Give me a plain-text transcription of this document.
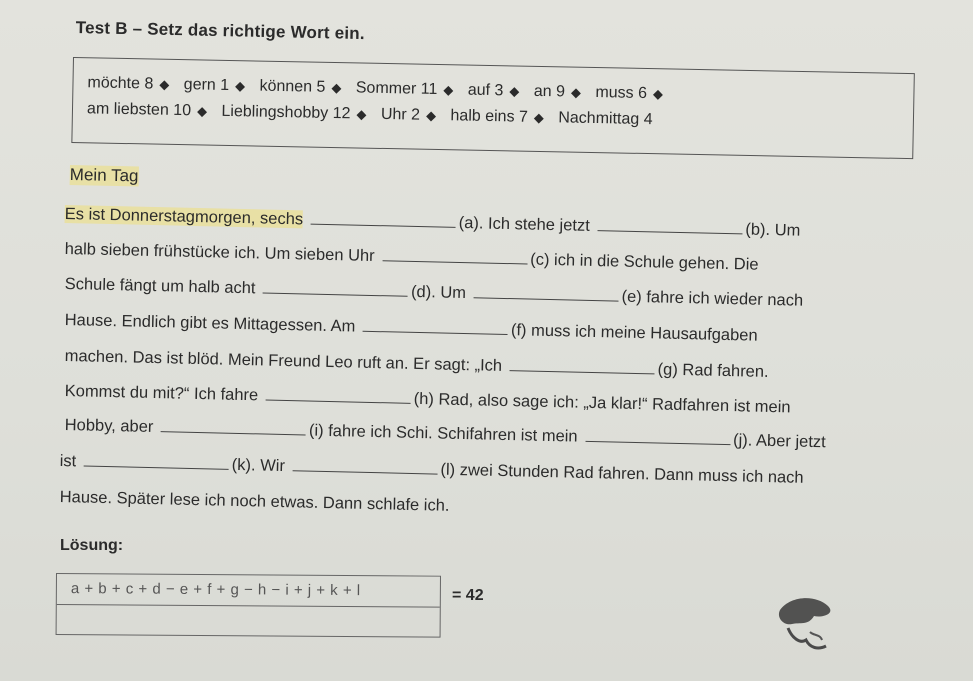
Test B – Setz das richtige Wort ein.
möchte 8 ◆ gern 1 ◆ können 5 ◆ Sommer 11 ◆ auf 3 ◆ an 9 ◆ muss 6 ◆
am liebsten 10 ◆ Lieblingshobby 12 ◆ Uhr 2 ◆ halb eins 7 ◆ Nachmittag 4
Mein Tag
Es ist Donnerstagmorgen, sechs	(a). Ich stehe jetzt	(b). Um
halb sieben frühstücke ich. Um sieben Uhr	(c) ich in die Schule gehen. Die
Schule fängt um halb acht	(d). Um	(e) fahre ich wieder nach
Hause. Endlich gibt es Mittagessen. Am	(f) muss ich meine Hausaufgaben
machen. Das ist blöd. Mein Freund Leo ruft an. Er sagt: „Ich	(g) Rad fahren.
Kommst du mit?“ Ich fahre	(h) Rad, also sage ich: „Ja klar!“ Radfahren ist mein
Hobby, aber	(i) fahre ich Schi. Schifahren ist mein	(j). Aber jetzt
ist	(k). Wir	(l) zwei Stunden Rad fahren. Dann muss ich nach
Hause. Später lese ich noch etwas. Dann schlafe ich.
Lösung:
a + b + c + d − e + f + g − h − i + j + k + l	= 42
